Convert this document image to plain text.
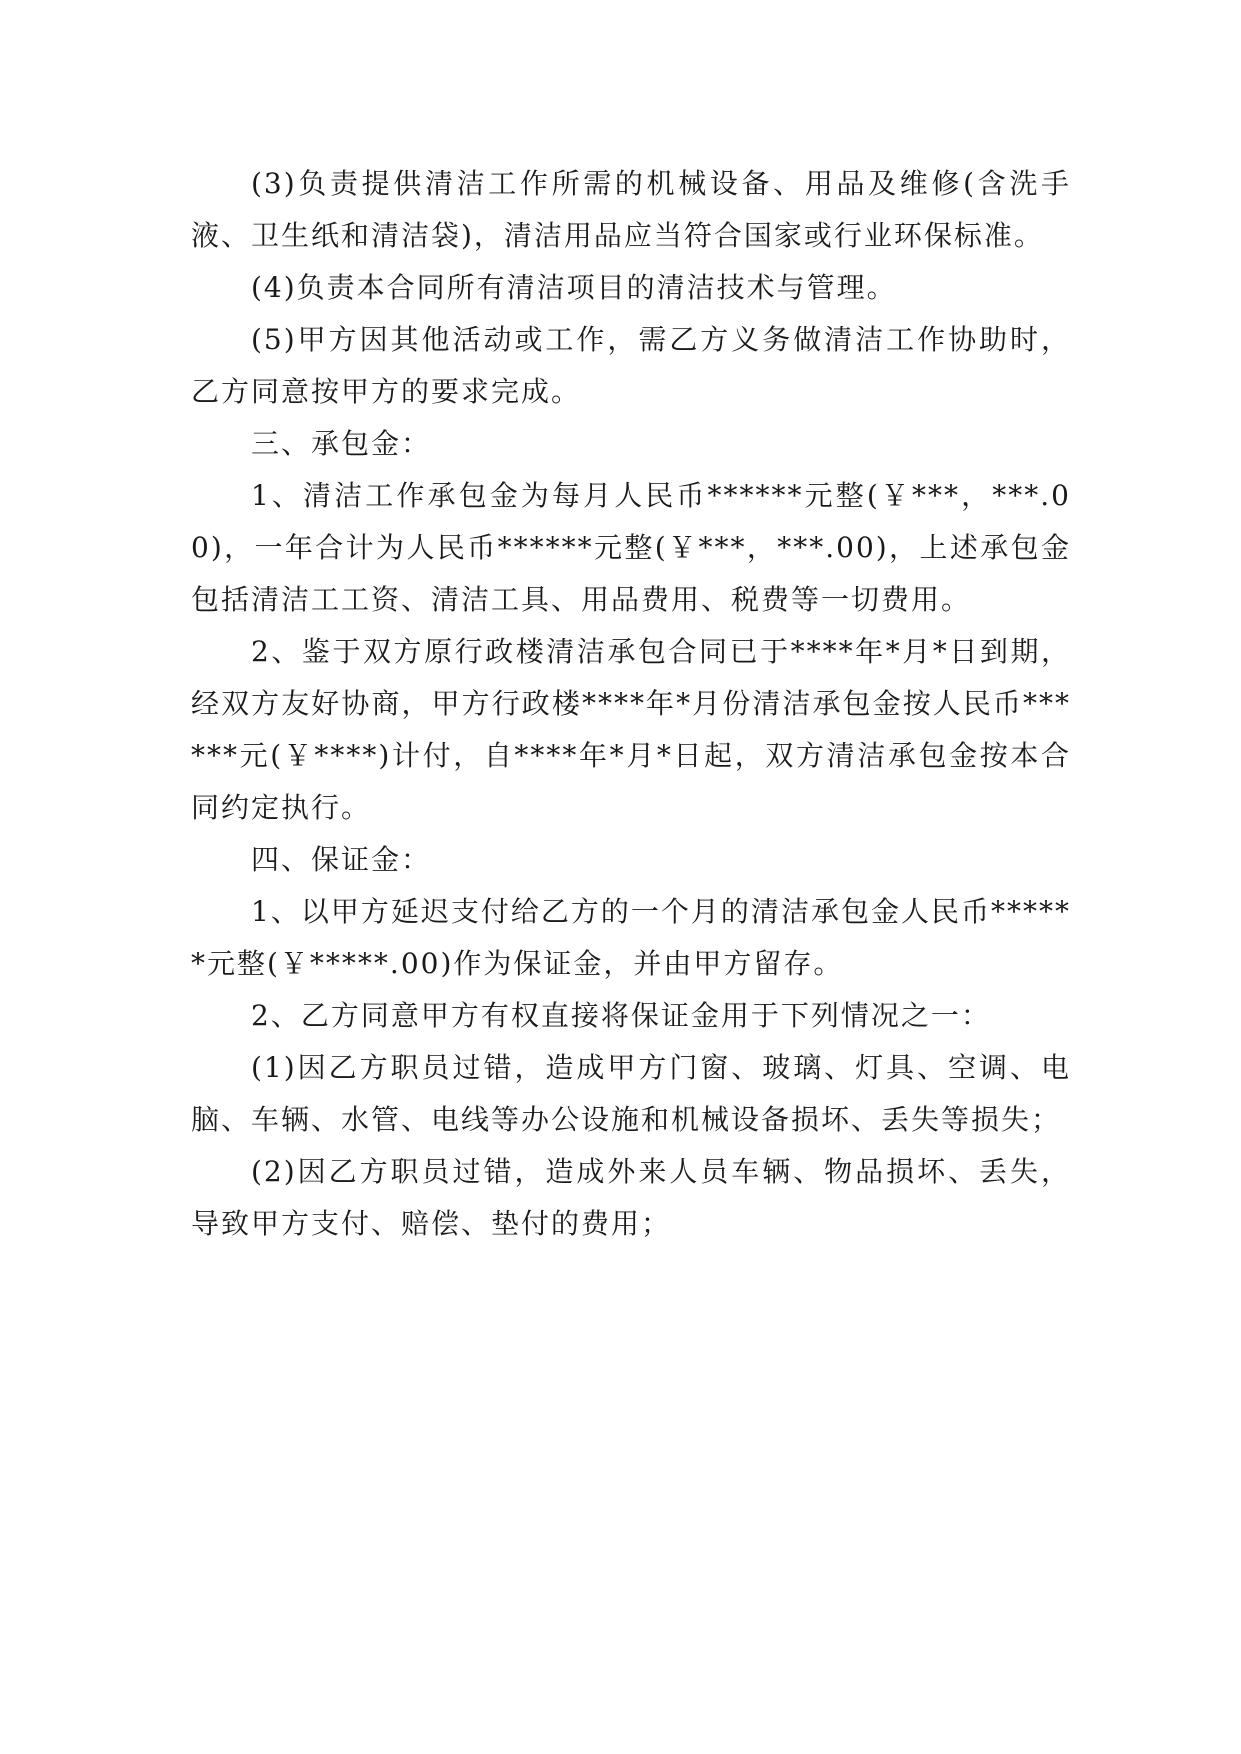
(3)负责提供清洁工作所需的机械设备、用品及维修(含洗手液、卫生纸和清洁袋)，清洁用品应当符合国家或行业环保标准。

(4)负责本合同所有清洁项目的清洁技术与管理。

(5)甲方因其他活动或工作，需乙方义务做清洁工作协助时，乙方同意按甲方的要求完成。

三、承包金：

1、清洁工作承包金为每月人民币******元整(￥***，***.00)，一年合计为人民币******元整(￥***，***.00)，上述承包金包括清洁工工资、清洁工具、用品费用、税费等一切费用。

2、鉴于双方原行政楼清洁承包合同已于****年*月*日到期，经双方友好协商，甲方行政楼****年*月份清洁承包金按人民币******元(￥****)计付，自****年*月*日起，双方清洁承包金按本合同约定执行。

四、保证金：

1、以甲方延迟支付给乙方的一个月的清洁承包金人民币******元整(￥*****.00)作为保证金，并由甲方留存。

2、乙方同意甲方有权直接将保证金用于下列情况之一：

(1)因乙方职员过错，造成甲方门窗、玻璃、灯具、空调、电脑、车辆、水管、电线等办公设施和机械设备损坏、丢失等损失；

(2)因乙方职员过错，造成外来人员车辆、物品损坏、丢失，导致甲方支付、赔偿、垫付的费用；
